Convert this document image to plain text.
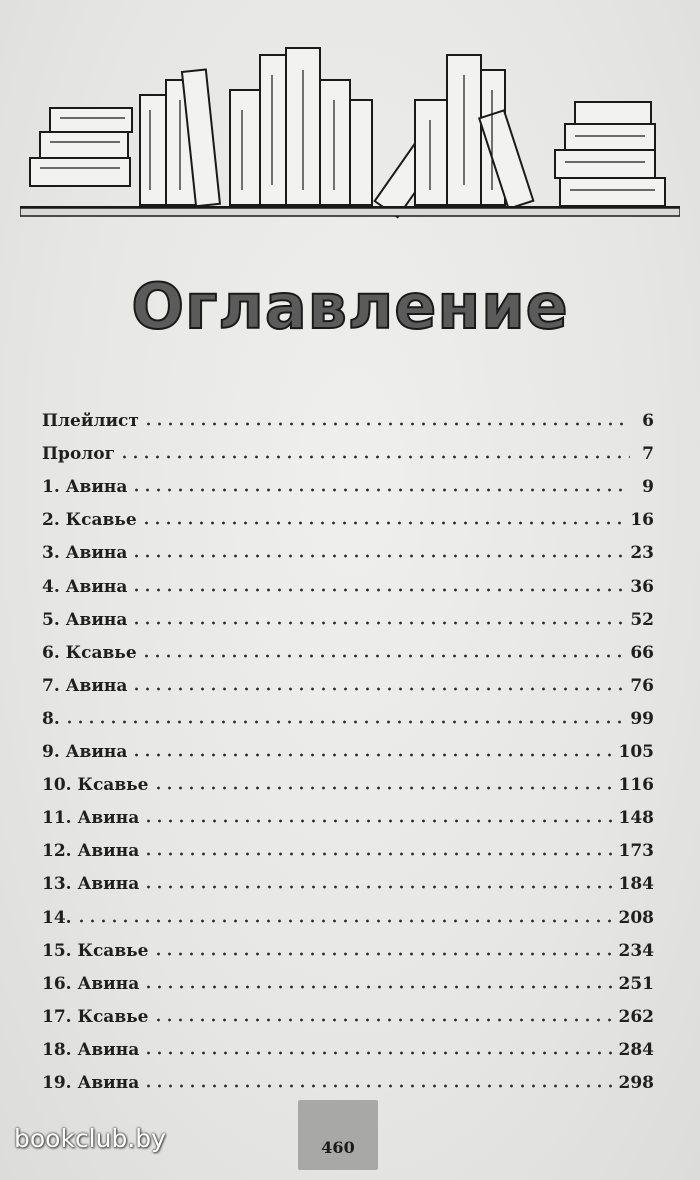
Оглавление
Плейлист	6
Пролог	7
1. Авина	9
2. Ксавье	16
3. Авина	23
4. Авина	36
5. Авина	52
6. Ксавье	66
7. Авина	76
8.	99
9. Авина	105
10. Ксавье	116
11. Авина	148
12. Авина	173
13. Авина	184
14.	208
15. Ксавье	234
16. Авина	251
17. Ксавье	262
18. Авина	284
19. Авина	298
460
bookclub.by
